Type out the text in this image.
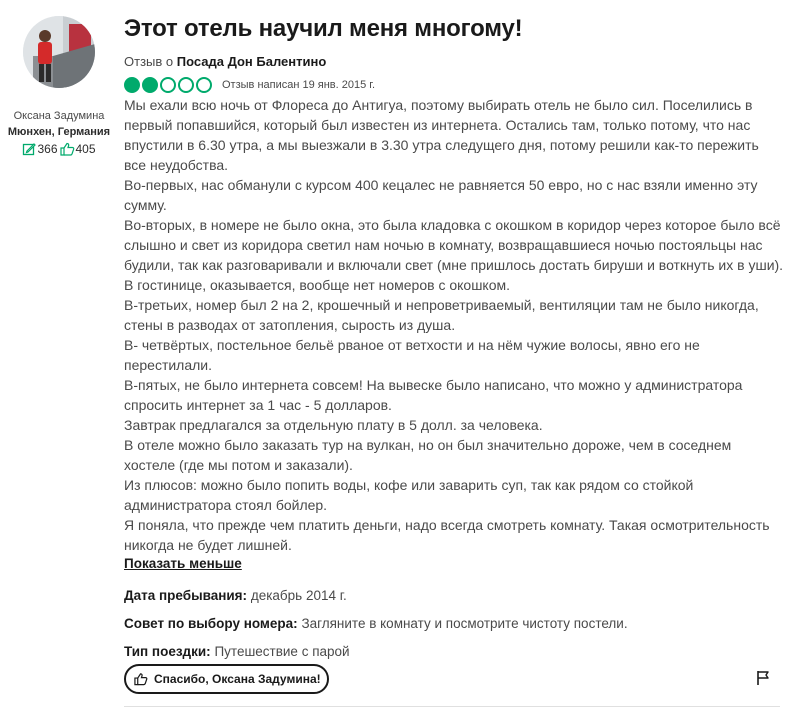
Оксана Задумина
Мюнхен, Германия
366 405
Этот отель научил меня многому!
Отзыв о Посада Дон Балентино
Отзыв написан 19 янв. 2015 г.

Мы ехали всю ночь от Флореса до Антигуа, поэтому выбирать отель не было сил. Поселились в первый попавшийся, который был известен из интернета. Остались там, только потому, что нас впустили в 6.30 утра, а мы выезжали в 3.30 утра следущего дня, потому решили как-то пережить все неудобства.

Во-первых, нас обманули с курсом 400 кецалес не равняется 50 евро, но с нас взяли именно эту сумму.

Во-вторых, в номере не было окна, это была кладовка с окошком в коридор через которое было всё слышно и свет из коридора светил нам ночью в комнату, возвращавшиеся ночью постояльцы нас будили, так как разговаривали и включали свет (мне пришлось достать бируши и воткнуть их в уши). В гостинице, оказывается, вообще нет номеров с окошком.

В-третьих, номер был 2 на 2, крошечный и непроветриваемый, вентиляции там не было никогда, стены в разводах от затопления, сырость из душа.

В- четвёртых, постельное бельё рваное от ветхости и на нём чужие волосы, явно его не перестилали.

В-пятых, не было интернета совсем! На вывеске было написано, что можно у администратора спросить интернет за 1 час - 5 долларов.

Завтрак предлагался за отдельную плату в 5 долл. за человека.

В отеле можно было заказать тур на вулкан, но он был значительно дороже, чем в соседнем хостеле (где мы потом и заказали).

Из плюсов: можно было попить воды, кофе или заварить суп, так как рядом со стойкой администратора стоял бойлер.

Я поняла, что прежде чем платить деньги, надо всегда смотреть комнату. Такая осмотрительность никогда не будет лишней.

Показать меньше
Дата пребывания: декабрь 2014 г.
Совет по выбору номера: Загляните в комнату и посмотрите чистоту постели.
Тип поездки: Путешествие с парой
Спасибо, Оксана Задумина!
